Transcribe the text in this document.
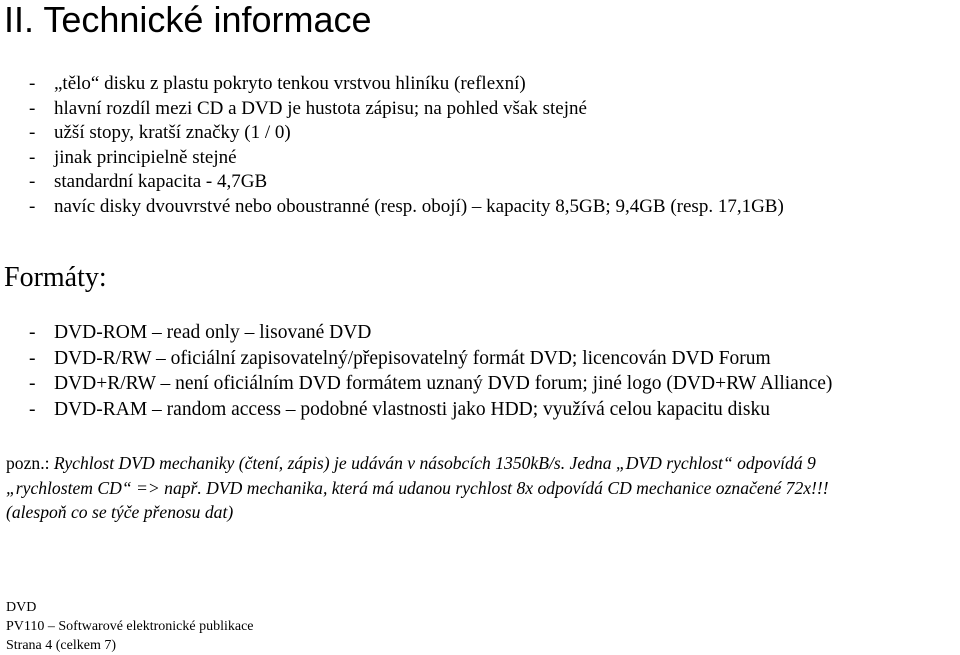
II. Technické informace
- „tělo“ disku z plastu pokryto tenkou vrstvou hliníku (reflexní)
- hlavní rozdíl mezi CD a DVD je hustota zápisu; na pohled však stejné
- užší stopy, kratší značky (1 / 0)
- jinak principielně stejné
- standardní kapacita - 4,7GB
- navíc disky dvouvrstvé nebo oboustranné (resp. obojí) – kapacity 8,5GB; 9,4GB (resp. 17,1GB)
Formáty:
- DVD-ROM – read only – lisované DVD
- DVD-R/RW – oficiální zapisovatelný/přepisovatelný formát DVD; licencován DVD Forum
- DVD+R/RW – není oficiálním DVD formátem uznaný DVD forum; jiné logo (DVD+RW Alliance)
- DVD-RAM – random access – podobné vlastnosti jako HDD; využívá celou kapacitu disku
pozn.: Rychlost DVD mechaniky (čtení, zápis) je udáván v násobcích 1350kB/s. Jedna „DVD rychlost“ odpovídá 9
„rychlostem CD“ => např. DVD mechanika, která má udanou rychlost 8x odpovídá CD mechanice označené 72x!!!
(alespoň co se týče přenosu dat)
DVD
PV110 – Softwarové elektronické publikace
Strana 4 (celkem 7)
